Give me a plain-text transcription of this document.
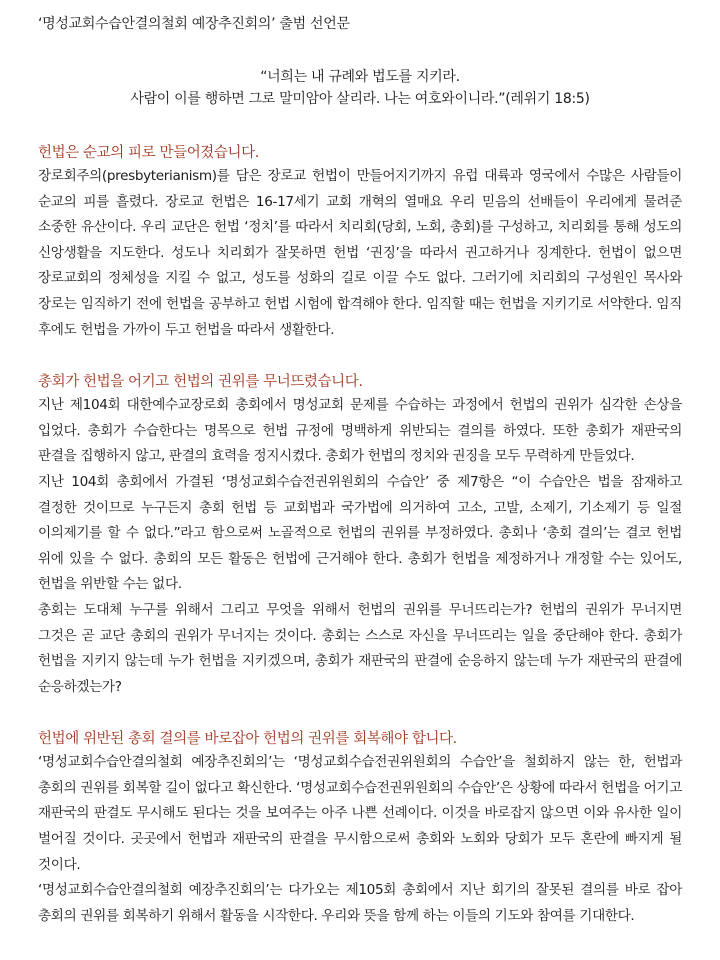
‘명성교회수습안결의철회 예장추진회의’ 출범 선언문

“너희는 내 규례와 법도를 지키라.

사람이 이를 행하면 그로 말미암아 살리라. 나는 여호와이니라.”(레위기 18:5)

헌법은 순교의 피로 만들어졌습니다.

장로회주의(presbyterianism)를 담은 장로교 헌법이 만들어지기까지 유럽 대륙과 영국에서 수많은 사람들이 순교의 피를 흘렸다. 장로교 헌법은 16-17세기 교회 개혁의 열매요 우리 믿음의 선배들이 우리에게 물려준 소중한 유산이다. 우리 교단은 헌법 ‘정치’를 따라서 치리회(당회, 노회, 총회)를 구성하고, 치리회를 통해 성도의 신앙생활을 지도한다. 성도나 치리회가 잘못하면 헌법 ‘권징’을 따라서 권고하거나 징계한다. 헌법이 없으면 장로교회의 정체성을 지킬 수 없고, 성도를 성화의 길로 이끌 수도 없다. 그러기에 치리회의 구성원인 목사와 장로는 임직하기 전에 헌법을 공부하고 헌법 시험에 합격해야 한다. 임직할 때는 헌법을 지키기로 서약한다. 임직 후에도 헌법을 가까이 두고 헌법을 따라서 생활한다.

총회가 헌법을 어기고 헌법의 권위를 무너뜨렸습니다.

지난 제104회 대한예수교장로회 총회에서 명성교회 문제를 수습하는 과정에서 헌법의 권위가 심각한 손상을 입었다. 총회가 수습한다는 명목으로 헌법 규정에 명백하게 위반되는 결의를 하였다. 또한 총회가 재판국의 판결을 집행하지 않고, 판결의 효력을 정지시켰다. 총회가 헌법의 정치와 권징을 모두 무력하게 만들었다.

지난 104회 총회에서 가결된 ‘명성교회수습전권위원회의 수습안’ 중 제7항은 “이 수습안은 법을 잠재하고 결정한 것이므로 누구든지 총회 헌법 등 교회법과 국가법에 의거하여 고소, 고발, 소제기, 기소제기 등 일절 이의제기를 할 수 없다.”라고 함으로써 노골적으로 헌법의 권위를 부정하였다. 총회나 ‘총회 결의’는 결코 헌법 위에 있을 수 없다. 총회의 모든 활동은 헌법에 근거해야 한다. 총회가 헌법을 제정하거나 개정할 수는 있어도, 헌법을 위반할 수는 없다.

총회는 도대체 누구를 위해서 그리고 무엇을 위해서 헌법의 권위를 무너뜨리는가? 헌법의 권위가 무너지면 그것은 곧 교단 총회의 권위가 무너지는 것이다. 총회는 스스로 자신을 무너뜨리는 일을 중단해야 한다. 총회가 헌법을 지키지 않는데 누가 헌법을 지키겠으며, 총회가 재판국의 판결에 순응하지 않는데 누가 재판국의 판결에 순응하겠는가?

헌법에 위반된 총회 결의를 바로잡아 헌법의 권위를 회복해야 합니다.

‘명성교회수습안결의철회 예장추진회의’는 ‘명성교회수습전권위원회의 수습안’을 철회하지 않는 한, 헌법과 총회의 권위를 회복할 길이 없다고 확신한다. ‘명성교회수습전권위원회의 수습안’은 상황에 따라서 헌법을 어기고 재판국의 판결도 무시해도 된다는 것을 보여주는 아주 나쁜 선례이다. 이것을 바로잡지 않으면 이와 유사한 일이 벌어질 것이다. 곳곳에서 헌법과 재판국의 판결을 무시함으로써 총회와 노회와 당회가 모두 혼란에 빠지게 될 것이다.

‘명성교회수습안결의철회 예장추진회의’는 다가오는 제105회 총회에서 지난 회기의 잘못된 결의를 바로 잡아 총회의 권위를 회복하기 위해서 활동을 시작한다. 우리와 뜻을 함께 하는 이들의 기도와 참여를 기대한다.
